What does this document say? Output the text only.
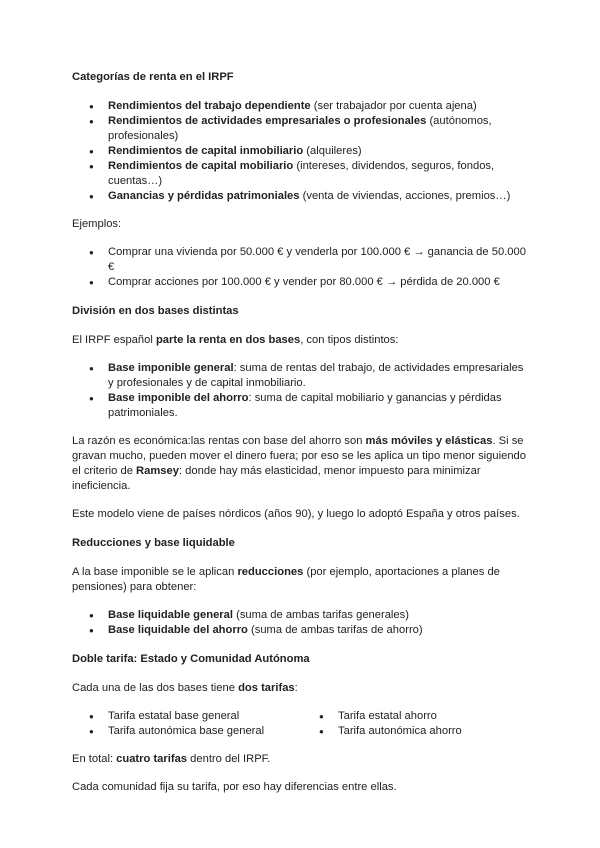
Categorías de renta en el IRPF
● Rendimientos del trabajo dependiente (ser trabajador por cuenta ajena)
● Rendimientos de actividades empresariales o profesionales (autónomos, profesionales)
● Rendimientos de capital inmobiliario (alquileres)
● Rendimientos de capital mobiliario (intereses, dividendos, seguros, fondos, cuentas…)
● Ganancias y pérdidas patrimoniales (venta de viviendas, acciones, premios…)

Ejemplos:

● Comprar una vivienda por 50.000 € y venderla por 100.000 € → ganancia de 50.000 €
● Comprar acciones por 100.000 € y vender por 80.000 € → pérdida de 20.000 €
División en dos bases distintas

El IRPF español parte la renta en dos bases, con tipos distintos:

● Base imponible general: suma de rentas del trabajo, de actividades empresariales y profesionales y de capital inmobiliario.
● Base imponible del ahorro: suma de capital mobiliario y ganancias y pérdidas patrimoniales.

La razón es económica:las rentas con base del ahorro son más móviles y elásticas. Si se gravan mucho, pueden mover el dinero fuera; por eso se les aplica un tipo menor siguiendo el criterio de Ramsey: donde hay más elasticidad, menor impuesto para minimizar ineficiencia.

Este modelo viene de países nórdicos (años 90), y luego lo adoptó España y otros países.

Reducciones y base liquidable

A la base imponible se le aplican reducciones (por ejemplo, aportaciones a planes de pensiones) para obtener:

● Base liquidable general (suma de ambas tarifas generales)
● Base liquidable del ahorro (suma de ambas tarifas de ahorro)
Doble tarifa: Estado y Comunidad Autónoma

Cada una de las dos bases tiene dos tarifas:

● Tarifa estatal base general
● Tarifa autonómica base general
● Tarifa estatal ahorro
● Tarifa autonómica ahorro

En total: cuatro tarifas dentro del IRPF.

Cada comunidad fija su tarifa, por eso hay diferencias entre ellas.
